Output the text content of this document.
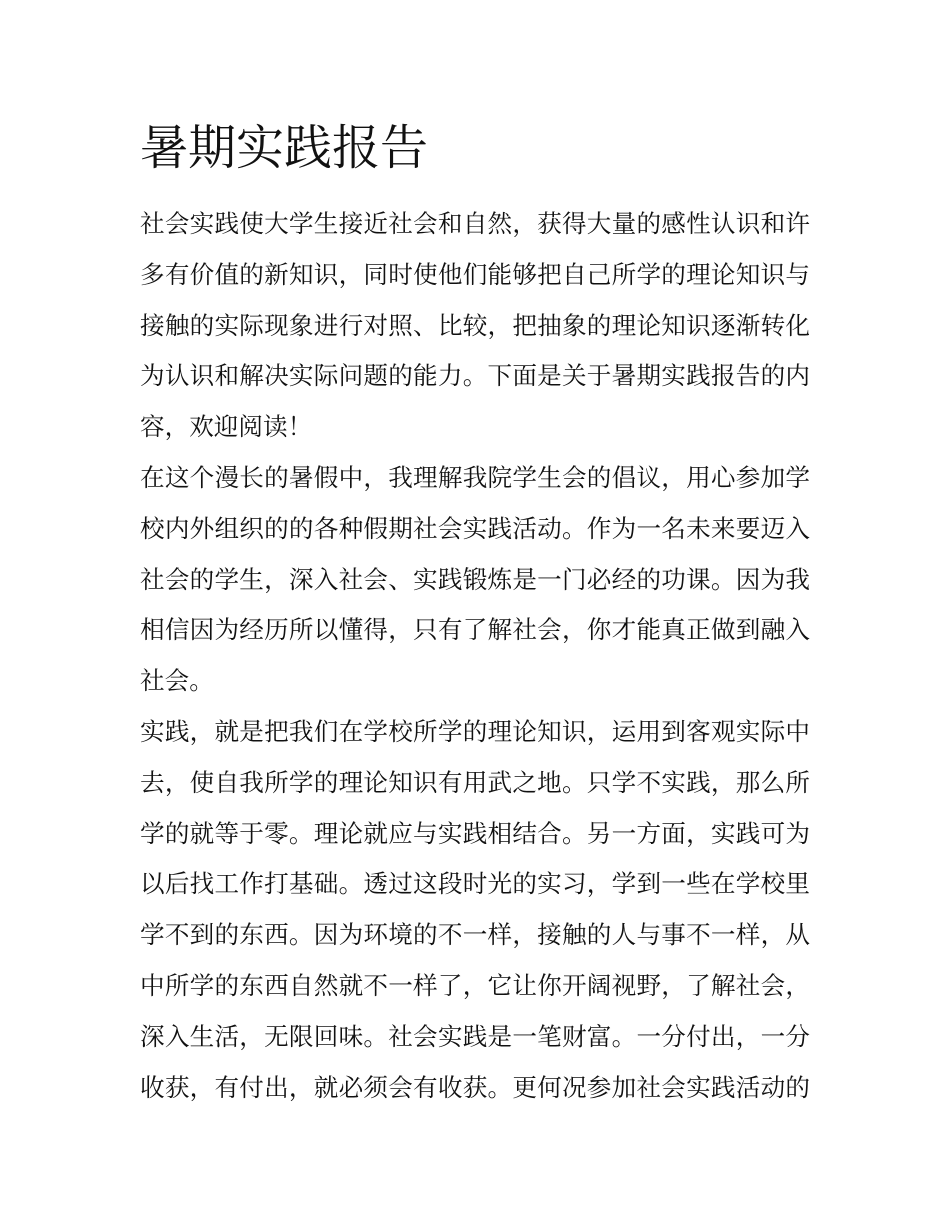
暑期实践报告

社会实践使大学生接近社会和自然，获得大量的感性认识和许
多有价值的新知识，同时使他们能够把自己所学的理论知识与
接触的实际现象进行对照、比较，把抽象的理论知识逐渐转化
为认识和解决实际问题的能力。下面是关于暑期实践报告的内
容，欢迎阅读！

在这个漫长的暑假中，我理解我院学生会的倡议，用心参加学
校内外组织的的各种假期社会实践活动。作为一名未来要迈入
社会的学生，深入社会、实践锻炼是一门必经的功课。因为我
相信因为经历所以懂得，只有了解社会，你才能真正做到融入
社会。

实践，就是把我们在学校所学的理论知识，运用到客观实际中
去，使自我所学的理论知识有用武之地。只学不实践，那么所
学的就等于零。理论就应与实践相结合。另一方面，实践可为
以后找工作打基础。透过这段时光的实习，学到一些在学校里
学不到的东西。因为环境的不一样，接触的人与事不一样，从
中所学的东西自然就不一样了，它让你开阔视野，了解社会，
深入生活，无限回味。社会实践是一笔财富。一分付出，一分
收获，有付出，就必须会有收获。更何况参加社会实践活动的
